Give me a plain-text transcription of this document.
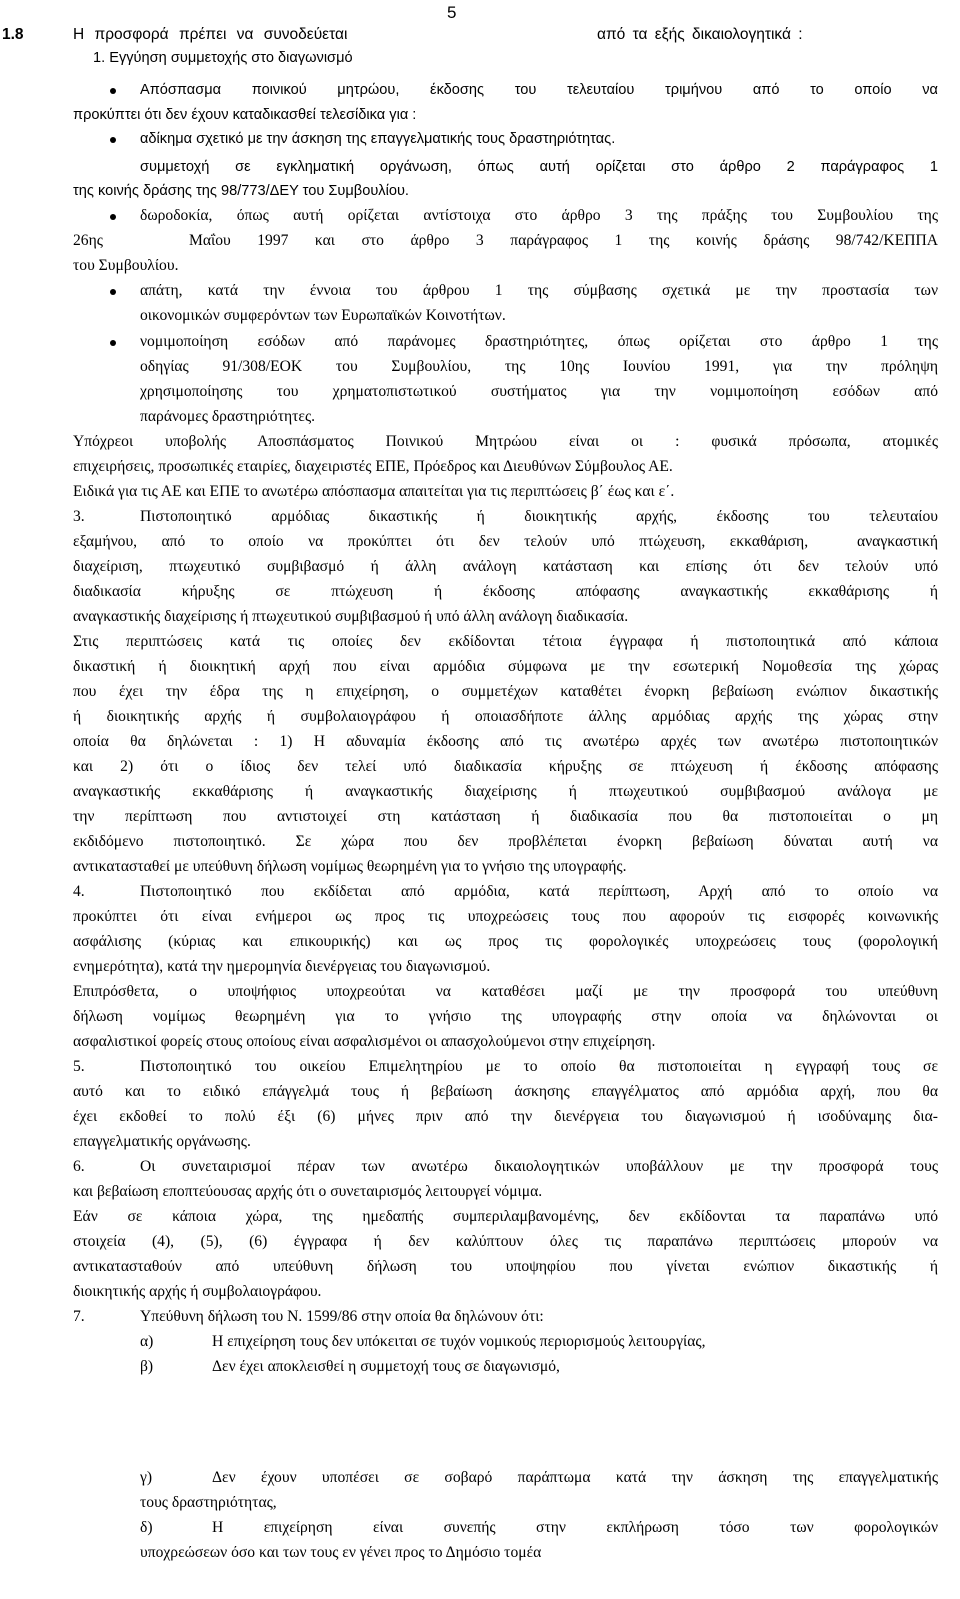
5
1.8	Η προσφορά πρέπει να συνοδεύεται	από τα εξής δικαιολογητικά :
1. Εγγύηση συμμετοχής στο διαγωνισμό
Απόσπασμα ποινικού μητρώου, έκδοσης του τελευταίου τριμήνου από το οποίο να
προκύπτει ότι δεν έχουν καταδικασθεί τελεσίδικα για :
αδίκημα σχετικό με την άσκηση της επαγγελματικής τους δραστηριότητας.
συμμετοχή σε εγκληματική οργάνωση, όπως αυτή ορίζεται στο άρθρο 2 παράγραφος 1
της κοινής δράσης της 98/773/ΔΕΥ του Συμβουλίου.
δωροδοκία, όπως αυτή ορίζεται αντίστοιχα στο άρθρο 3 της πράξης του Συμβουλίου της
26ης	Μαΐου 1997 και στο άρθρο 3 παράγραφος 1 της κοινής δράσης 98/742/ΚΕΠΠΑ
του Συμβουλίου.
απάτη, κατά την έννοια του άρθρου 1 της σύμβασης σχετικά με την προστασία των
οικονομικών συμφερόντων των Ευρωπαϊκών Κοινοτήτων.
νομιμοποίηση εσόδων από παράνομες δραστηριότητες, όπως ορίζεται στο άρθρο 1 της
οδηγίας 91/308/ΕΟΚ του Συμβουλίου, της 10ης Ιουνίου 1991, για την πρόληψη
χρησιμοποίησης του χρηματοπιστωτικού συστήματος για την νομιμοποίηση εσόδων από
παράνομες δραστηριότητες.
Υπόχρεοι υποβολής Αποσπάσματος Ποινικού Μητρώου είναι οι : φυσικά πρόσωπα, ατομικές
επιχειρήσεις, προσωπικές εταιρίες, διαχειριστές ΕΠΕ, Πρόεδρος και Διευθύνων Σύμβουλος ΑΕ.
Ειδικά για τις ΑΕ και ΕΠΕ το ανωτέρω απόσπασμα απαιτείται για τις περιπτώσεις β΄ έως και ε΄.
3.	Πιστοποιητικό αρμόδιας δικαστικής ή διοικητικής αρχής, έκδοσης του τελευταίου
εξαμήνου, από το οποίο να προκύπτει ότι δεν τελούν υπό πτώχευση, εκκαθάριση,  αναγκαστική
διαχείριση, πτωχευτικό συμβιβασμό ή άλλη ανάλογη κατάσταση και επίσης ότι δεν τελούν υπό
διαδικασία κήρυξης σε πτώχευση ή έκδοσης απόφασης αναγκαστικής εκκαθάρισης ή
αναγκαστικής διαχείρισης ή πτωχευτικού συμβιβασμού ή υπό άλλη ανάλογη διαδικασία.
Στις περιπτώσεις κατά τις οποίες δεν εκδίδονται τέτοια έγγραφα ή πιστοποιητικά από κάποια
δικαστική ή διοικητική αρχή που είναι αρμόδια σύμφωνα με την εσωτερική Νομοθεσία της χώρας
που έχει την έδρα της η επιχείρηση, ο συμμετέχων καταθέτει ένορκη βεβαίωση ενώπιον δικαστικής
ή διοικητικής αρχής ή συμβολαιογράφου ή οποιασδήποτε άλλης αρμόδιας αρχής της χώρας στην
οποία θα δηλώνεται : 1) Η αδυναμία έκδοσης από τις ανωτέρω αρχές των ανωτέρω πιστοποιητικών
και 2) ότι ο ίδιος δεν τελεί υπό διαδικασία κήρυξης σε πτώχευση ή έκδοσης απόφασης
αναγκαστικής εκκαθάρισης ή αναγκαστικής διαχείρισης ή πτωχευτικού συμβιβασμού ανάλογα με
την περίπτωση που αντιστοιχεί στη κατάσταση ή διαδικασία που θα πιστοποιείται ο μη
εκδιδόμενο πιστοποιητικό. Σε χώρα που δεν προβλέπεται ένορκη βεβαίωση δύναται αυτή να
αντικατασταθεί με υπεύθυνη δήλωση νομίμως θεωρημένη για το γνήσιο της υπογραφής.
4.	Πιστοποιητικό που εκδίδεται από αρμόδια, κατά περίπτωση, Αρχή από το οποίο να
προκύπτει ότι είναι ενήμεροι ως προς τις υποχρεώσεις τους που αφορούν τις εισφορές κοινωνικής
ασφάλισης (κύριας και επικουρικής) και ως προς τις φορολογικές υποχρεώσεις τους (φορολογική
ενημερότητα), κατά την ημερομηνία διενέργειας του διαγωνισμού.
Επιπρόσθετα, ο υποψήφιος υποχρεούται να καταθέσει μαζί με την προσφορά του υπεύθυνη
δήλωση νομίμως θεωρημένη για το γνήσιο της υπογραφής στην οποία να δηλώνονται οι
ασφαλιστικοί φορείς στους οποίους είναι ασφαλισμένοι οι απασχολούμενοι στην επιχείρηση.
5.	Πιστοποιητικό του οικείου Επιμελητηρίου με το οποίο θα πιστοποιείται η εγγραφή τους σε
αυτό και το ειδικό επάγγελμά τους ή βεβαίωση άσκησης επαγγέλματος από αρμόδια αρχή, που θα
έχει εκδοθεί το πολύ έξι (6) μήνες πριν από την διενέργεια του διαγωνισμού ή ισοδύναμης δια-
επαγγελματικής οργάνωσης.
6.	Οι συνεταιρισμοί πέραν των ανωτέρω δικαιολογητικών υποβάλλουν με την προσφορά τους
και βεβαίωση εποπτεύουσας αρχής ότι ο συνεταιρισμός λειτουργεί νόμιμα.
Εάν σε κάποια χώρα, της ημεδαπής συμπεριλαμβανομένης, δεν εκδίδονται τα παραπάνω υπό
στοιχεία (4), (5), (6) έγγραφα ή δεν καλύπτουν όλες τις παραπάνω περιπτώσεις μπορούν να
αντικατασταθούν από υπεύθυνη δήλωση του υποψηφίου που γίνεται ενώπιον δικαστικής ή
διοικητικής αρχής ή συμβολαιογράφου.
7.	Υπεύθυνη δήλωση του Ν. 1599/86 στην οποία θα δηλώνουν ότι:
α)	Η επιχείρηση τους δεν υπόκειται σε τυχόν νομικούς περιορισμούς λειτουργίας,
β)	Δεν έχει αποκλεισθεί η συμμετοχή τους σε διαγωνισμό,
γ)	Δεν έχουν υποπέσει σε σοβαρό παράπτωμα κατά την άσκηση της επαγγελματικής
τους δραστηριότητας,
δ)	Η επιχείρηση είναι συνεπής στην εκπλήρωση τόσο των φορολογικών
υποχρεώσεων όσο και των τους εν γένει προς το Δημόσιο τομέα
